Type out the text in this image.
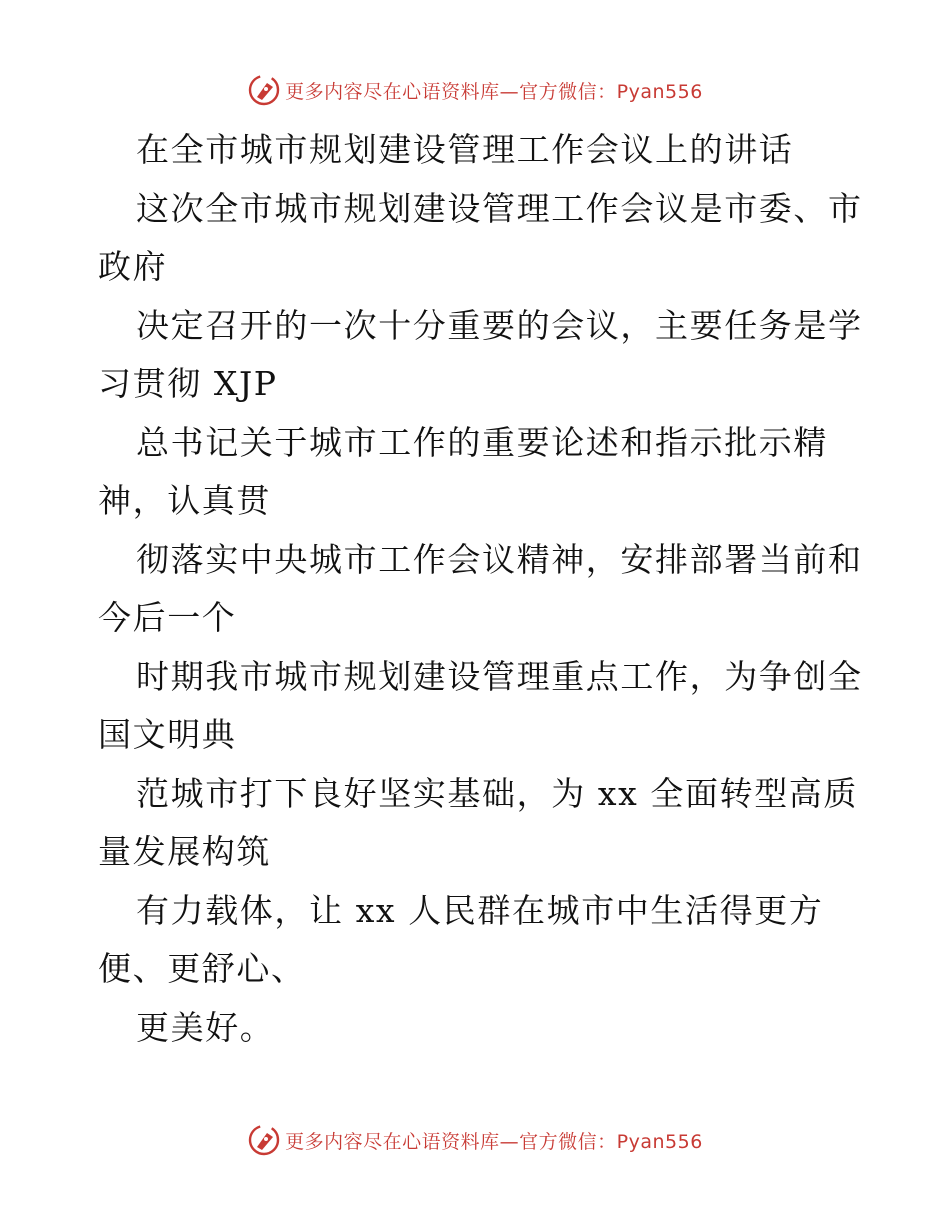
更多内容尽在心语资料库—官方微信：Pyan556
在全市城市规划建设管理工作会议上的讲话
这次全市城市规划建设管理工作会议是市委、市
政府
决定召开的一次十分重要的会议，主要任务是学
习贯彻 XJP
总书记关于城市工作的重要论述和指示批示精
神，认真贯
彻落实中央城市工作会议精神，安排部署当前和
今后一个
时期我市城市规划建设管理重点工作，为争创全
国文明典
范城市打下良好坚实基础，为 xx 全面转型高质
量发展构筑
有力载体，让 xx 人民群在城市中生活得更方
便、更舒心、
更美好。
更多内容尽在心语资料库—官方微信：Pyan556
